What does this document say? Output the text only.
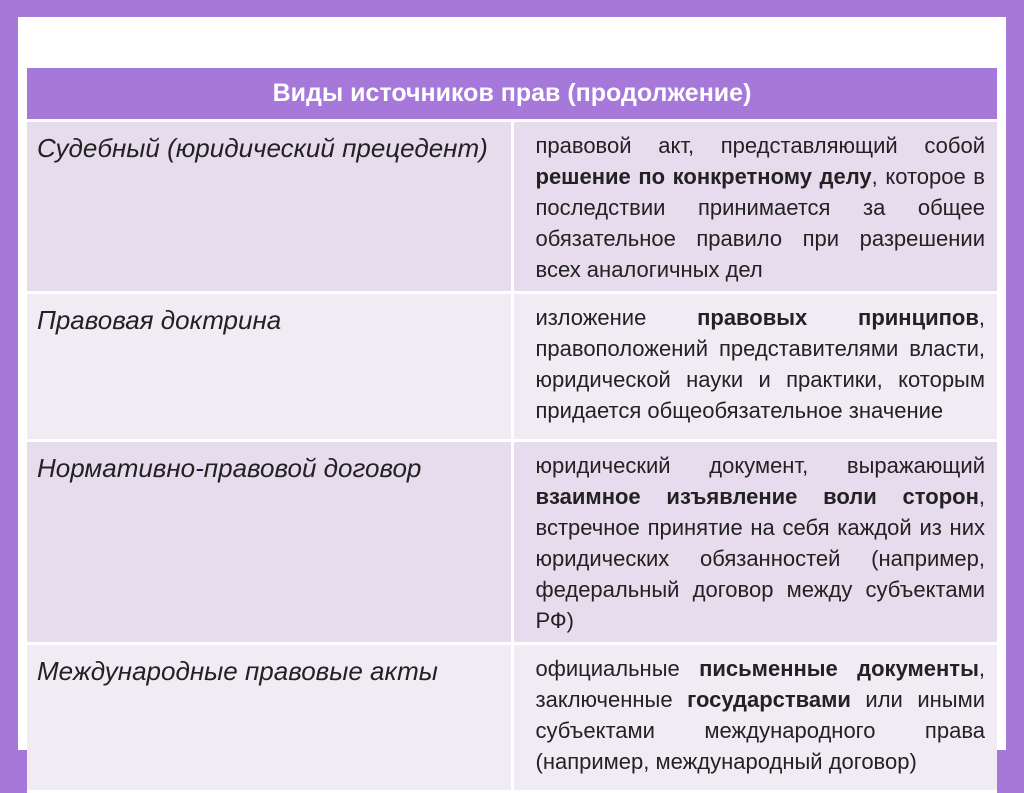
Виды источников прав (продолжение)	
Судебный (юридический прецедент)	правовой акт, представляющий собой решение по конкретному делу, которое в последствии принимается за общее обязательное правило при разрешении всех аналогичных дел
Правовая доктрина	изложение правовых принципов, правоположений представителями власти, юридической науки и практики, которым придается общеобязательное значение
Нормативно-правовой договор	юридический документ, выражающий взаимное изъявление воли сторон, встречное принятие на себя каждой из них юридических обязанностей (например, федеральный договор между субъектами РФ)
Международные правовые акты	официальные письменные документы, заключенные государствами или иными субъектами международного права (например, международный договор)
